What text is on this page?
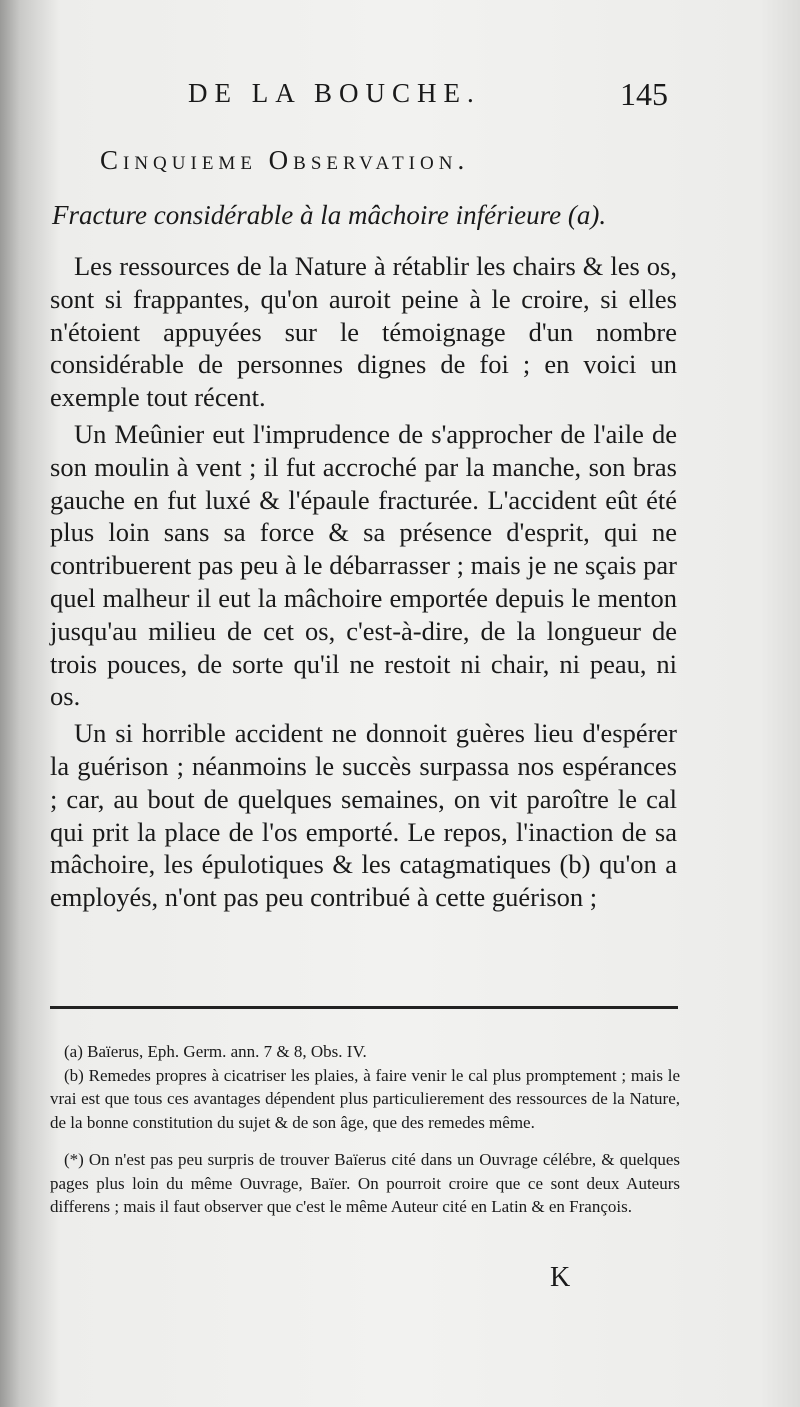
DE LA BOUCHE.	145
Cinquieme Observation.
Fracture considérable à la mâchoire inférieure (a).

Les ressources de la Nature à rétablir les chairs & les os, sont si frappantes, qu'on auroit peine à le croire, si elles n'étoient appuyées sur le témoignage d'un nombre considérable de personnes dignes de foi ; en voici un exemple tout récent.

Un Meûnier eut l'imprudence de s'approcher de l'aile de son moulin à vent ; il fut accroché par la manche, son bras gauche en fut luxé & l'épaule fracturée. L'accident eût été plus loin sans sa force & sa présence d'esprit, qui ne contribuerent pas peu à le débarrasser ; mais je ne sçais par quel malheur il eut la mâchoire emportée depuis le menton jusqu'au milieu de cet os, c'est-à-dire, de la longueur de trois pouces, de sorte qu'il ne restoit ni chair, ni peau, ni os.

Un si horrible accident ne donnoit guères lieu d'espérer la guérison ; néanmoins le succès surpassa nos espérances ; car, au bout de quelques semaines, on vit paroître le cal qui prit la place de l'os emporté. Le repos, l'inaction de sa mâchoire, les épulotiques & les catagmatiques (b) qu'on a employés, n'ont pas peu contribué à cette guérison ;

(a) Baïerus, Eph. Germ. ann. 7 & 8, Obs. IV.

(b) Remedes propres à cicatriser les plaies, à faire venir le cal plus promptement ; mais le vrai est que tous ces avantages dépendent plus particulierement des ressources de la Nature, de la bonne constitution du sujet & de son âge, que des remedes même.

(*) On n'est pas peu surpris de trouver Baïerus cité dans un Ouvrage célébre, & quelques pages plus loin du même Ouvrage, Baïer. On pourroit croire que ce sont deux Auteurs differens ; mais il faut observer que c'est le même Auteur cité en Latin & en François.

K
